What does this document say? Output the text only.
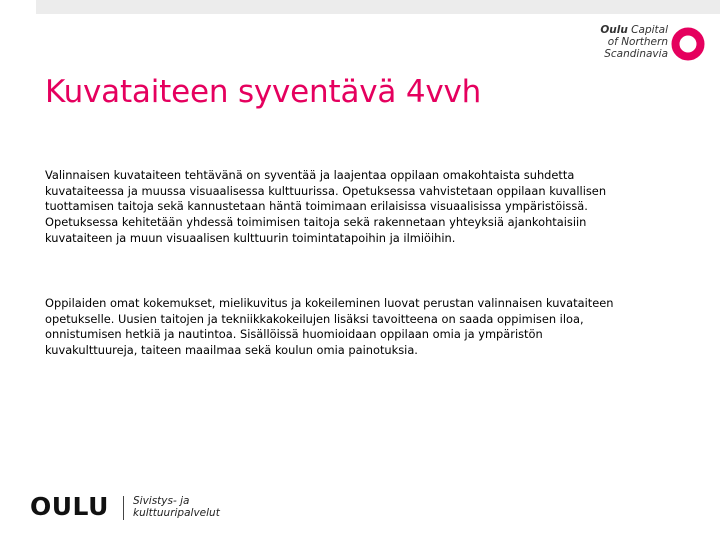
Oulu Capital
of Northern
Scandinavia
Kuvataiteen syventävä 4vvh

Valinnaisen kuvataiteen tehtävänä on syventää ja laajentaa oppilaan omakohtaista suhdetta
kuvataiteessa ja muussa visuaalisessa kulttuurissa. Opetuksessa vahvistetaan oppilaan kuvallisen
tuottamisen taitoja sekä kannustetaan häntä toimimaan erilaisissa visuaalisissa ympäristöissä.
Opetuksessa kehitetään yhdessä toimimisen taitoja sekä rakennetaan yhteyksiä ajankohtaisiin
kuvataiteen ja muun visuaalisen kulttuurin toimintatapoihin ja ilmiöihin.

Oppilaiden omat kokemukset, mielikuvitus ja kokeileminen luovat perustan valinnaisen kuvataiteen
opetukselle. Uusien taitojen ja tekniikkakokeilujen lisäksi tavoitteena on saada oppimisen iloa,
onnistumisen hetkiä ja nautintoa. Sisällöissä huomioidaan oppilaan omia ja ympäristön
kuvakulttuureja, taiteen maailmaa sekä koulun omia painotuksia.

OULU Sivistys- ja
kulttuuripalvelut
